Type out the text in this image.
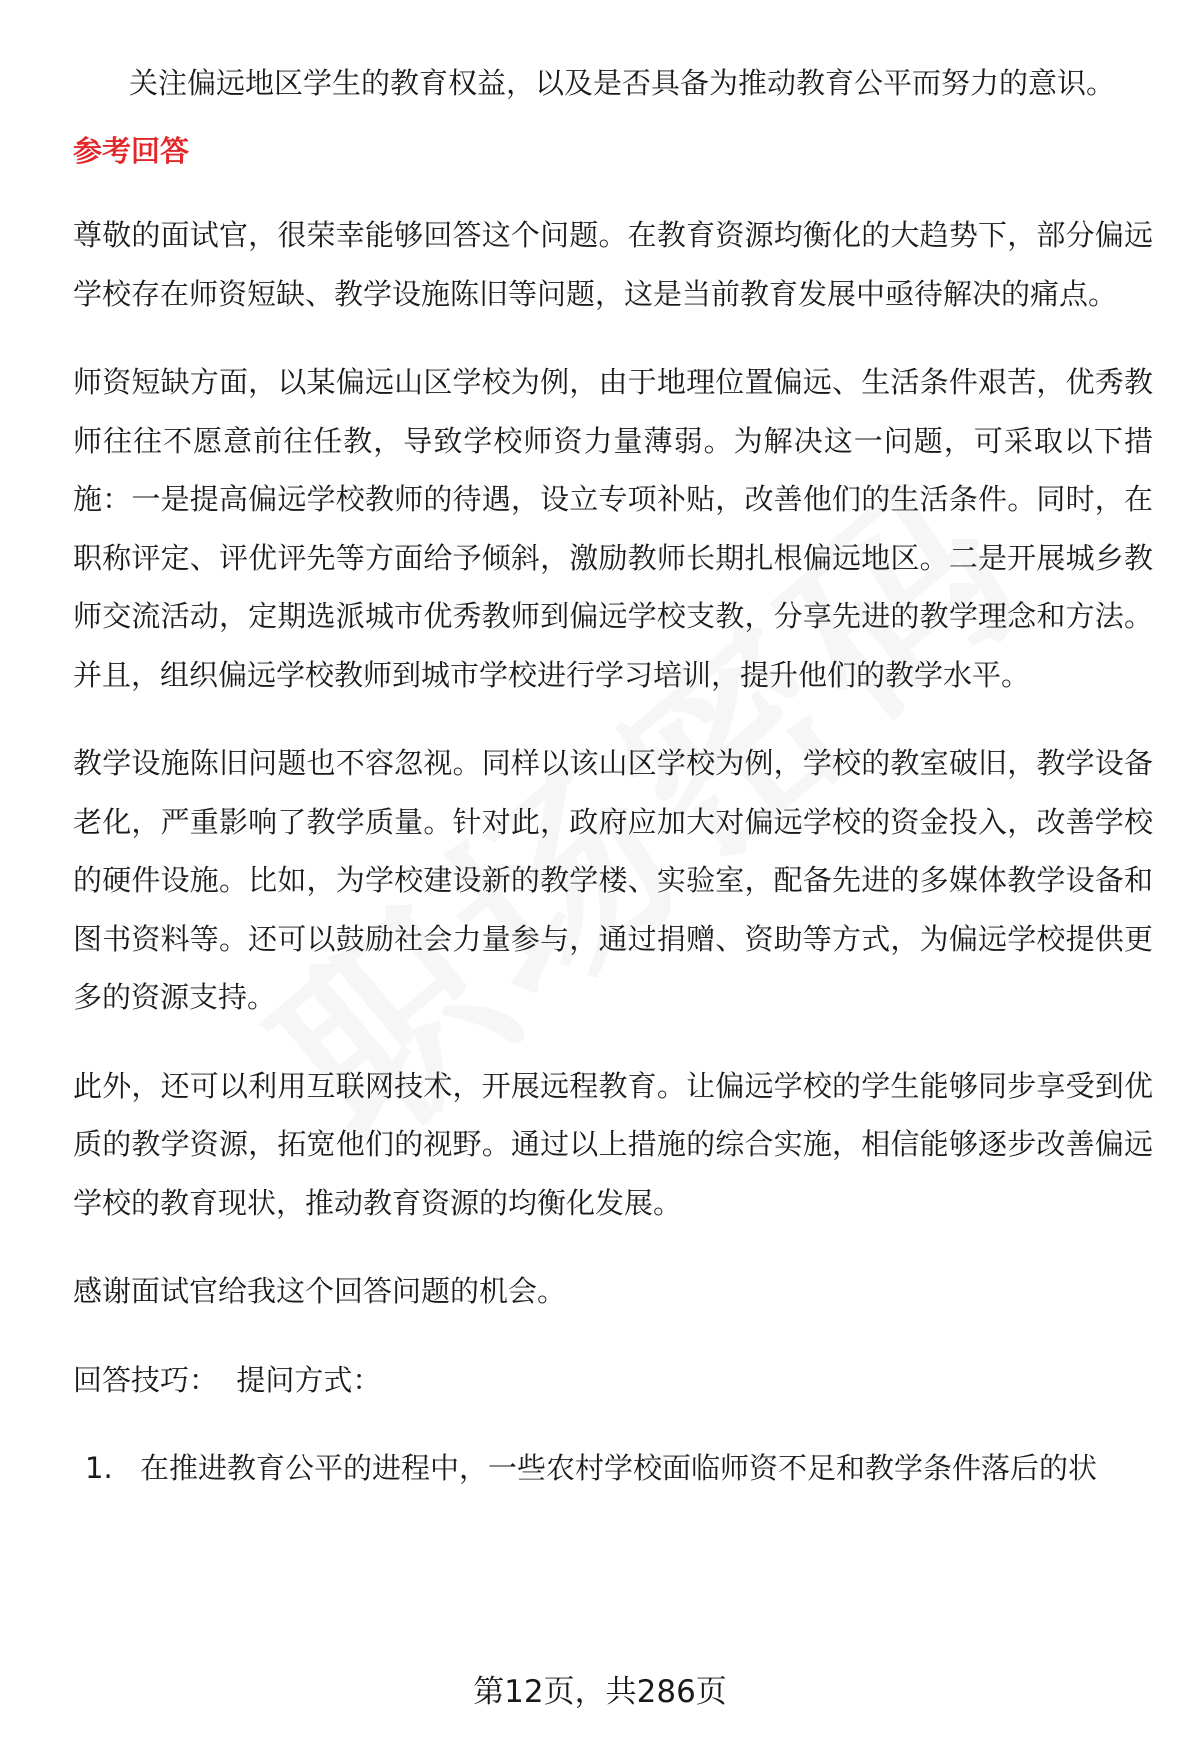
关注偏远地区学生的教育权益，以及是否具备为推动教育公平而努力的意识。

参考回答

尊敬的面试官，很荣幸能够回答这个问题。在教育资源均衡化的大趋势下，部分偏远学校存在师资短缺、教学设施陈旧等问题，这是当前教育发展中亟待解决的痛点。

师资短缺方面，以某偏远山区学校为例，由于地理位置偏远、生活条件艰苦，优秀教师往往不愿意前往任教，导致学校师资力量薄弱。为解决这一问题，可采取以下措施：一是提高偏远学校教师的待遇，设立专项补贴，改善他们的生活条件。同时，在职称评定、评优评先等方面给予倾斜，激励教师长期扎根偏远地区。二是开展城乡教师交流活动，定期选派城市优秀教师到偏远学校支教，分享先进的教学理念和方法。并且，组织偏远学校教师到城市学校进行学习培训，提升他们的教学水平。

教学设施陈旧问题也不容忽视。同样以该山区学校为例，学校的教室破旧，教学设备老化，严重影响了教学质量。针对此，政府应加大对偏远学校的资金投入，改善学校的硬件设施。比如，为学校建设新的教学楼、实验室，配备先进的多媒体教学设备和图书资料等。还可以鼓励社会力量参与，通过捐赠、资助等方式，为偏远学校提供更多的资源支持。

此外，还可以利用互联网技术，开展远程教育。让偏远学校的学生能够同步享受到优质的教学资源，拓宽他们的视野。通过以上措施的综合实施，相信能够逐步改善偏远学校的教育现状，推动教育资源的均衡化发展。

感谢面试官给我这个回答问题的机会。

回答技巧：  提问方式：
1. 在推进教育公平的进程中，一些农村学校面临师资不足和教学条件落后的状
第12页，共286页
